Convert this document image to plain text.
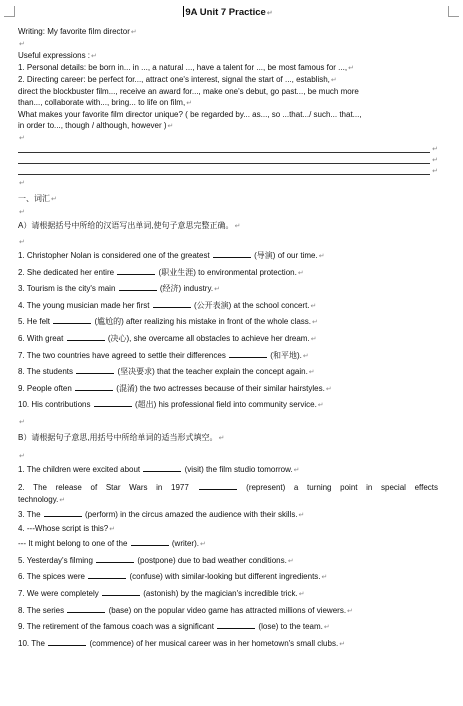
9A Unit 7 Practice↵
Writing: My favorite film director↵
↵
Useful expressions :↵
1. Personal details: be born in... in ..., a natural ..., have a talent for ..., be most famous for ...,↵
2. Directing career: be perfect for..., attract one's interest, signal the start of ..., establish,↵
direct the blockbuster film..., receive an award for..., make one's debut, go past..., be much more
than..., collaborate with..., bring... to life on film,↵
What makes your favorite film director unique? ( be regarded by... as..., so ...that.../ such... that...,
in order to..., though / although, however )↵
↵
↵
↵
↵
↵
一、词汇↵
↵
A）请根据括号中所给的汉语写出单词,使句子意思完整正确。↵
↵
1. Christopher Nolan is considered one of the greatest	(导演) of our time.↵
2. She dedicated her entire	(职业生涯) to environmental protection.↵
3. Tourism is the city's main	(经济) industry.↵
4. The young musician made her first	(公开表演) at the school concert.↵
5. He felt	(尴尬的) after realizing his mistake in front of the whole class.↵
6. With great	(决心), she overcame all obstacles to achieve her dream.↵
7. The two countries have agreed to settle their differences	(和平地).↵
8. The students	(坚决要求) that the teacher explain the concept again.↵
9. People often	(混淆) the two actresses because of their similar hairstyles.↵
10. His contributions	(超出) his professional field into community service.↵
↵
B）请根据句子意思,用括号中所给单词的适当形式填空。↵
↵
1. The children were excited about	(visit) the film studio tomorrow.↵
2. The release of Star Wars in 1977	(represent) a turning point in special effects
technology.↵
3. The	(perform) in the circus amazed the audience with their skills.↵
4. ---Whose script is this?↵
--- It might belong to one of the	(writer).↵
5. Yesterday's filming	(postpone) due to bad weather conditions.↵
6. The spices were	(confuse) with similar-looking but different ingredients.↵
7. We were completely	(astonish) by the magician's incredible trick.↵
8. The series	(base) on the popular video game has attracted millions of viewers.↵
9. The retirement of the famous coach was a significant	(lose) to the team.↵
10. The	(commence) of her musical career was in her hometown's small clubs.↵
